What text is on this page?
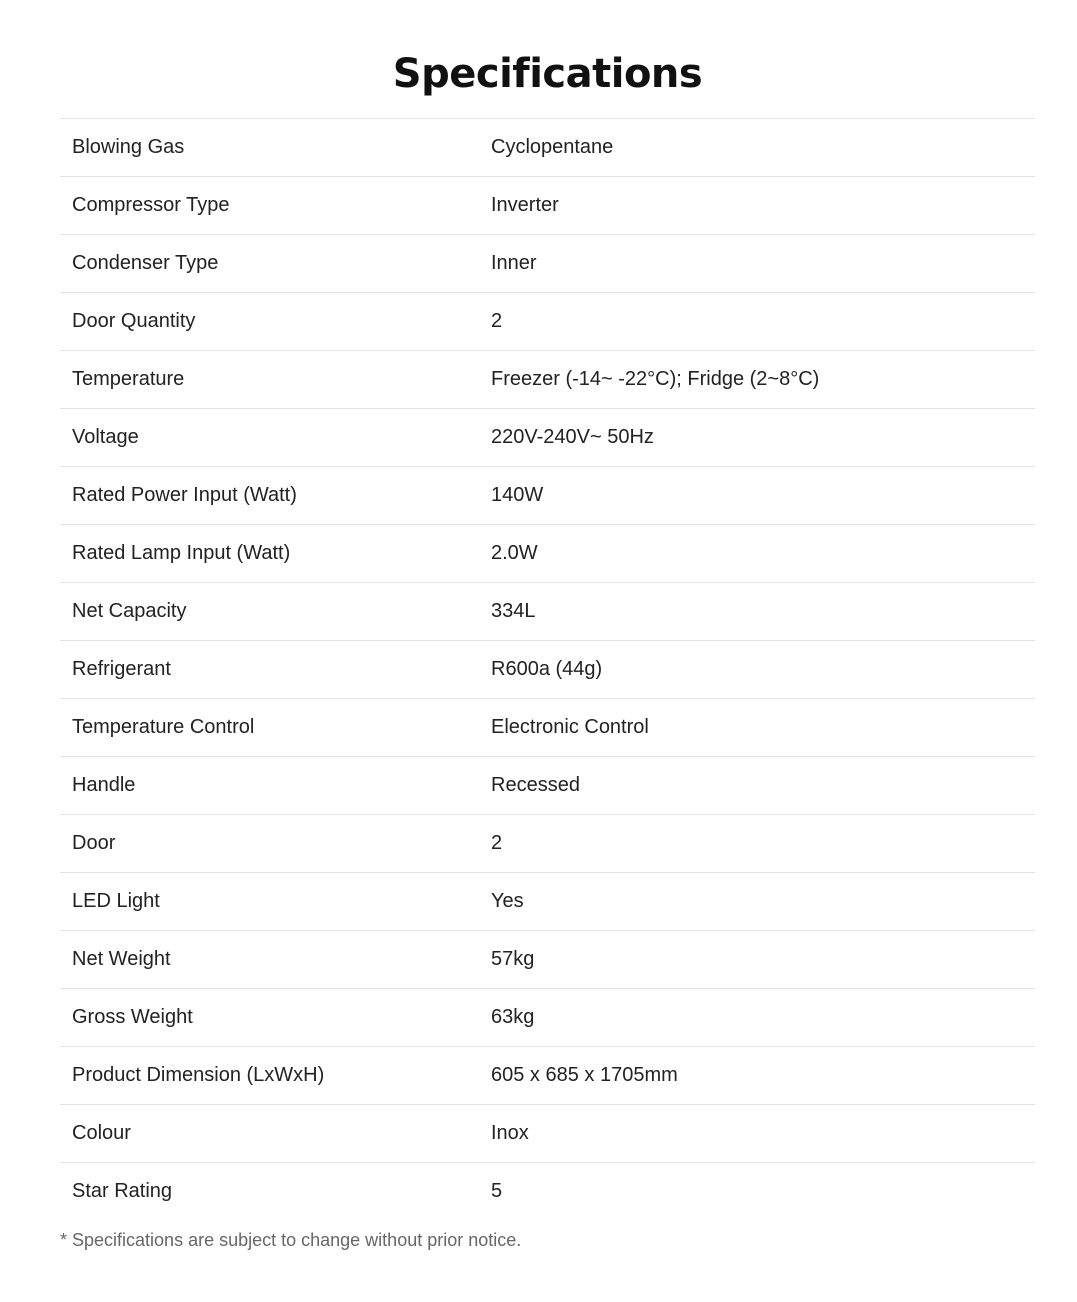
Specifications
Blowing Gas	Cyclopentane
Compressor Type	Inverter
Condenser Type	Inner
Door Quantity	2
Temperature	Freezer (-14~ -22°C); Fridge (2~8°C)
Voltage	220V-240V~ 50Hz
Rated Power Input (Watt)	140W
Rated Lamp Input (Watt)	2.0W
Net Capacity	334L
Refrigerant	R600a (44g)
Temperature Control	Electronic Control
Handle	Recessed
Door	2
LED Light	Yes
Net Weight	57kg
Gross Weight	63kg
Product Dimension (LxWxH)	605 x 685 x 1705mm
Colour	Inox
Star Rating	5
* Specifications are subject to change without prior notice.
